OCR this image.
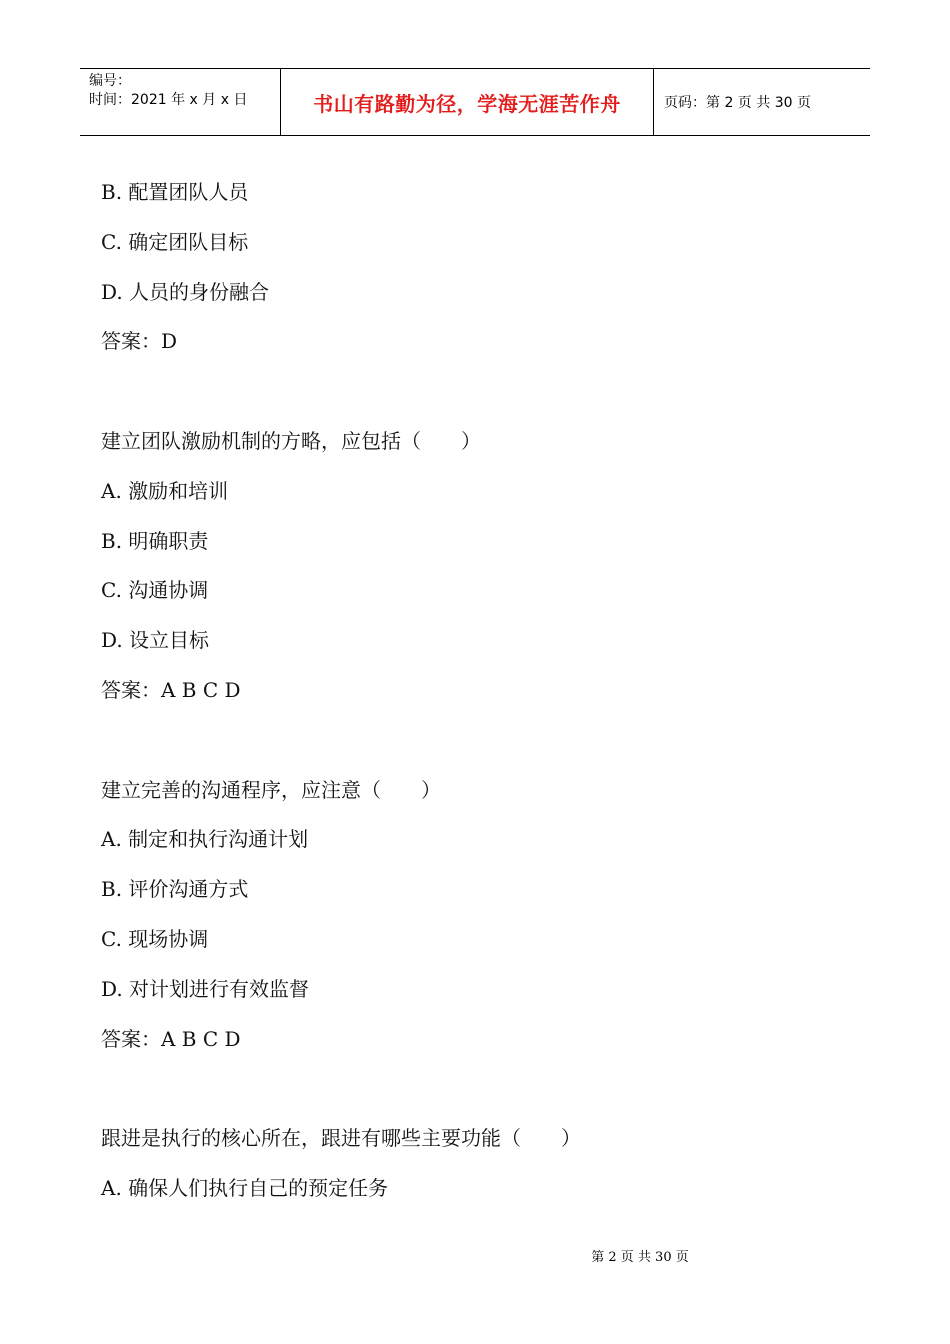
编号：
时间：2021 年 x 月 x 日	书山有路勤为径，学海无涯苦作舟	页码：第 2 页 共 30 页
B. 配置团队人员
C. 确定团队目标
D. 人员的身份融合
答案：D
建立团队激励机制的方略，应包括（　　）
A. 激励和培训
B. 明确职责
C. 沟通协调
D. 设立目标
答案：A B C D
建立完善的沟通程序，应注意（　　）
A. 制定和执行沟通计划
B. 评价沟通方式
C. 现场协调
D. 对计划进行有效监督
答案：A B C D
跟进是执行的核心所在，跟进有哪些主要功能（　　）
A. 确保人们执行自己的预定任务
第 2 页 共 30 页
